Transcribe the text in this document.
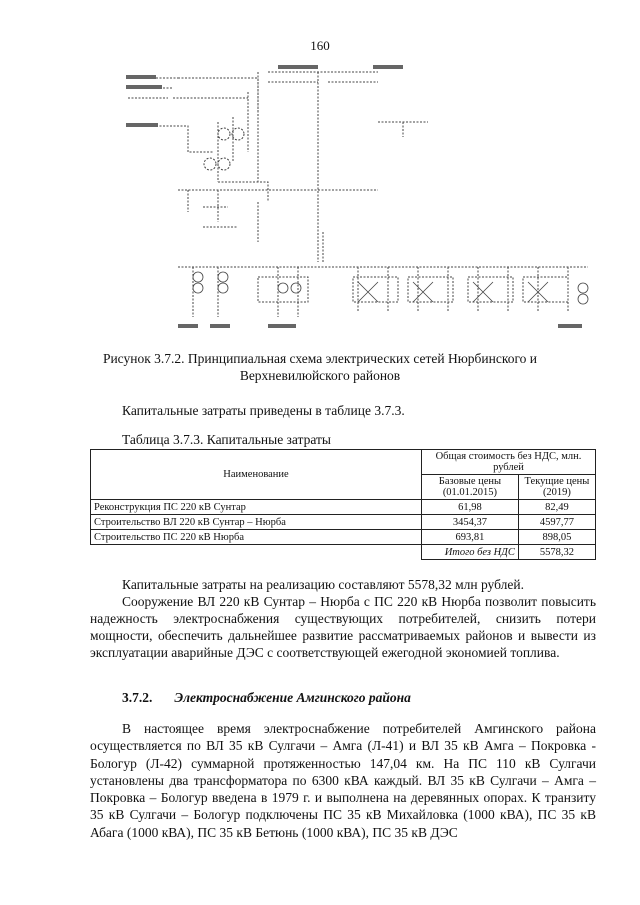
160
Рисунок 3.7.2. Принципиальная схема электрических сетей Нюрбинского и
Верхневилюйского районов
Капитальные затраты приведены в таблице 3.7.3.
Таблица 3.7.3. Капитальные затраты
Наименование	Общая стоимость без НДС, млн. рублей	
	Базовые цены (01.01.2015)	Текущие цены (2019)
Реконструкция ПС 220 кВ Сунтар	61,98	82,49
Строительство ВЛ 220 кВ Сунтар – Нюрба	3454,37	4597,77
Строительство ПС 220 кВ Нюрба	693,81	898,05
	Итого без НДС	5578,32
Капитальные затраты на реализацию составляют 5578,32 млн рублей.
Сооружение ВЛ 220 кВ Сунтар – Нюрба с ПС 220 кВ Нюрба позволит повысить надежность электроснабжения существующих потребителей, снизить потери мощности, обеспечить дальнейшее развитие рассматриваемых районов и вывести из эксплуатации аварийные ДЭС с соответствующей ежегодной экономией топлива.
3.7.2. Электроснабжение Амгинского района
В настоящее время электроснабжение потребителей Амгинского района осуществляется по ВЛ 35 кВ Сулгачи – Амга (Л-41) и ВЛ 35 кВ Амга – Покровка - Бологур (Л-42) суммарной протяженностью 147,04 км. На ПС 110 кВ Сулгачи установлены два трансформатора по 6300 кВА каждый. ВЛ 35 кВ Сулгачи – Амга – Покровка – Бологур введена в 1979 г. и выполнена на деревянных опорах. К транзиту 35 кВ Сулгачи – Бологур подключены ПС 35 кВ Михайловка (1000 кВА), ПС 35 кВ Абага (1000 кВА), ПС 35 кВ Бетюнь (1000 кВА), ПС 35 кВ ДЭС
